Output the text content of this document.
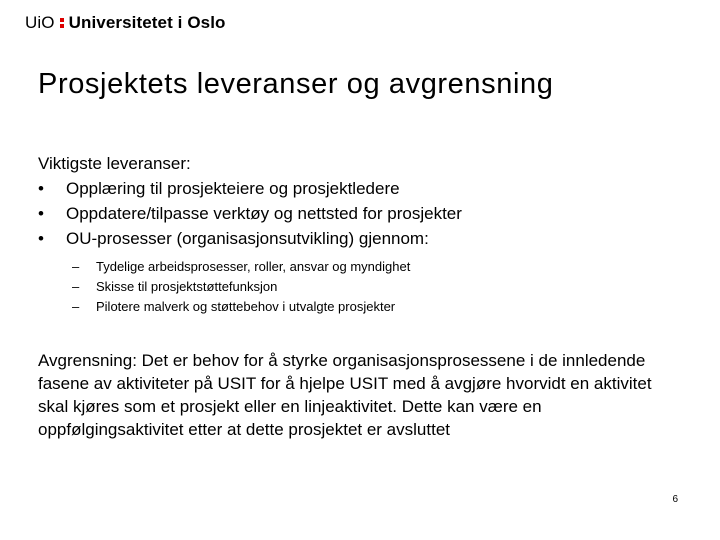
UiO Universitetet i Oslo
Prosjektets leveranser og avgrensning

Viktigste leveranser:

• Opplæring til prosjekteiere og prosjektledere
• Oppdatere/tilpasse verktøy og nettsted for prosjekter
• OU-prosesser (organisasjonsutvikling) gjennom:
– Tydelige arbeidsprosesser, roller, ansvar og myndighet
– Skisse til prosjektstøttefunksjon
– Pilotere malverk og støttebehov i utvalgte prosjekter

Avgrensning: Det er behov for å styrke organisasjonsprosessene i de innledende fasene av aktiviteter på USIT for å hjelpe USIT med å avgjøre hvorvidt en aktivitet skal kjøres som et prosjekt eller en linjeaktivitet. Dette kan være en oppfølgingsaktivitet etter at dette prosjektet er avsluttet

6
